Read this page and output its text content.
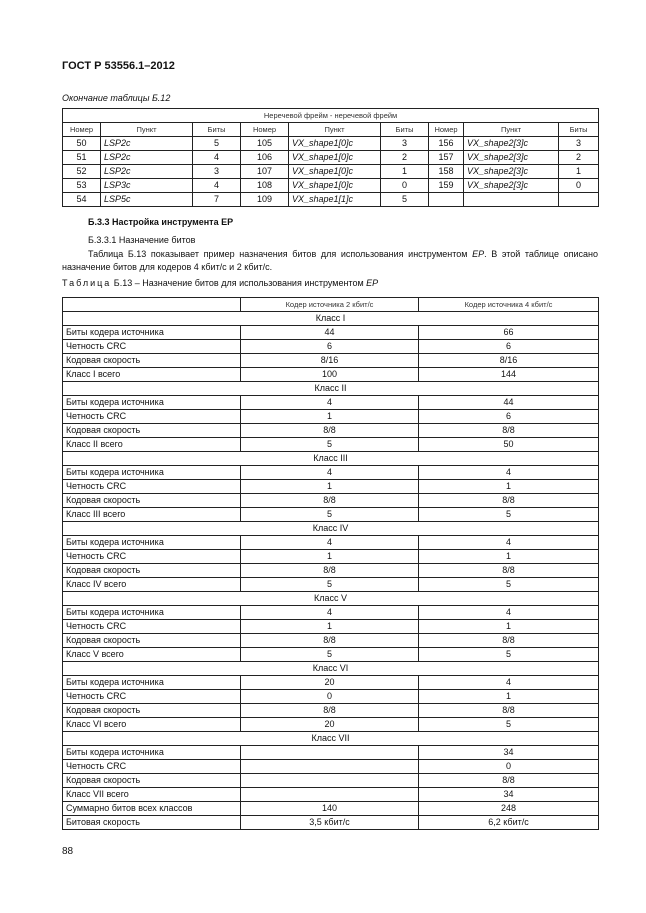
ГОСТ Р 53556.1–2012
Окончание таблицы Б.12
Неречевой фрейм - неречевой фрейм								
Номер	Пункт	Биты	Номер	Пункт	Биты	Номер	Пункт	Биты
50	LSP2c	5	105	VX_shape1[0]c	3	156	VX_shape2[3]c	3
51	LSP2c	4	106	VX_shape1[0]c	2	157	VX_shape2[3]c	2
52	LSP2c	3	107	VX_shape1[0]c	1	158	VX_shape2[3]c	1
53	LSP3c	4	108	VX_shape1[0]c	0	159	VX_shape2[3]c	0
54	LSP5c	7	109	VX_shape1[1]c	5			
Б.3.3 Настройка инструмента EP
Б.3.3.1 Назначение битов
Таблица Б.13 показывает пример назначения битов для использования инструментом EP. В этой таблице описано назначение битов для кодеров 4 кбит/с и 2 кбит/с.
Таблица Б.13 – Назначение битов для использования инструментом EP
	Кодер источника 2 кбит/с	Кодер источника 4 кбит/с
Класс I		
Биты кодера источника	44	66
Четность CRC	6	6
Кодовая скорость	8/16	8/16
Класс I всего	100	144
Класс II		
Биты кодера источника	4	44
Четность CRC	1	6
Кодовая скорость	8/8	8/8
Класс II всего	5	50
Класс III		
Биты кодера источника	4	4
Четность CRC	1	1
Кодовая скорость	8/8	8/8
Класс III всего	5	5
Класс IV		
Биты кодера источника	4	4
Четность CRC	1	1
Кодовая скорость	8/8	8/8
Класс IV всего	5	5
Класс V		
Биты кодера источника	4	4
Четность CRC	1	1
Кодовая скорость	8/8	8/8
Класс V всего	5	5
Класс VI		
Биты кодера источника	20	4
Четность CRC	0	1
Кодовая скорость	8/8	8/8
Класс VI всего	20	5
Класс VII		
Биты кодера источника		34
Четность CRC		0
Кодовая скорость		8/8
Класс VII всего		34
Суммарно битов всех классов	140	248
Битовая скорость	3,5 кбит/с	6,2 кбит/с
88
